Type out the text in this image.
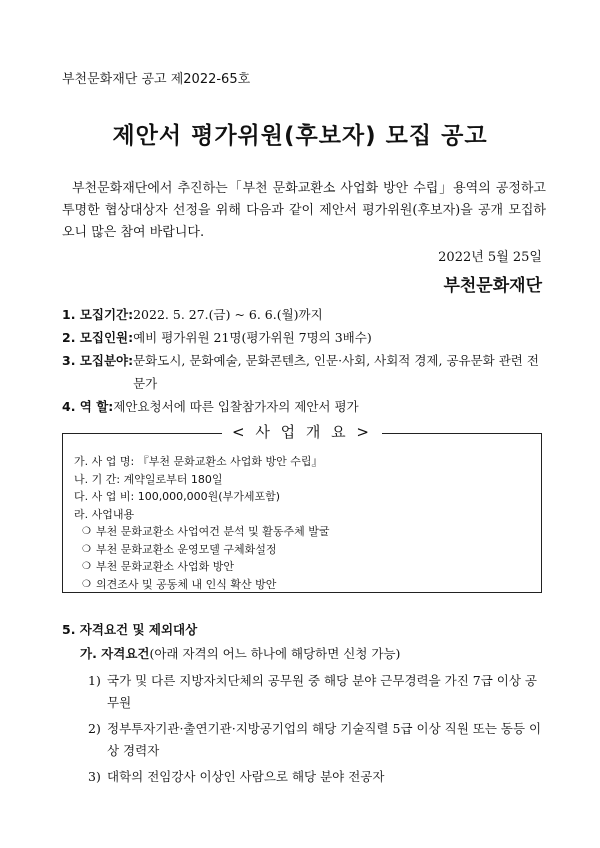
부천문화재단 공고 제2022-65호
제안서 평가위원(후보자) 모집 공고

부천문화재단에서 추진하는「부천 문화교환소 사업화 방안 수립」용역의 공정하고 투명한 협상대상자 선정을 위해 다음과 같이 제안서 평가위원(후보자)을 공개 모집하오니 많은 참여 바랍니다.

2022년 5월 25일
부천문화재단
1. 모집기간: 2022. 5. 27.(금) ~ 6. 6.(월)까지
2. 모집인원: 예비 평가위원 21명(평가위원 7명의 3배수)
3. 모집분야: 문화도시, 문화예술, 문화콘텐츠, 인문·사회, 사회적 경제, 공유문화 관련 전문가
4. 역 할: 제안요청서에 따른 입찰참가자의 제안서 평가
< 사 업 개 요 >
가. 사 업 명: 『부천 문화교환소 사업화 방안 수립』
나. 기 간: 계약일로부터 180일
다. 사 업 비: 100,000,000원(부가세포함)
라. 사업내용
❍ 부천 문화교환소 사업여건 분석 및 활동주체 발굴
❍ 부천 문화교환소 운영모델 구체화설정
❍ 부천 문화교환소 사업화 방안
❍ 의견조사 및 공동체 내 인식 확산 방안
5. 자격요건 및 제외대상
가. 자격요건(아래 자격의 어느 하나에 해당하면 신청 가능)
1) 국가 및 다른 지방자치단체의 공무원 중 해당 분야 근무경력을 가진 7급 이상 공무원
2) 정부투자기관·출연기관·지방공기업의 해당 기술직렬 5급 이상 직원 또는 동등 이상 경력자
3) 대학의 전임강사 이상인 사람으로 해당 분야 전공자
